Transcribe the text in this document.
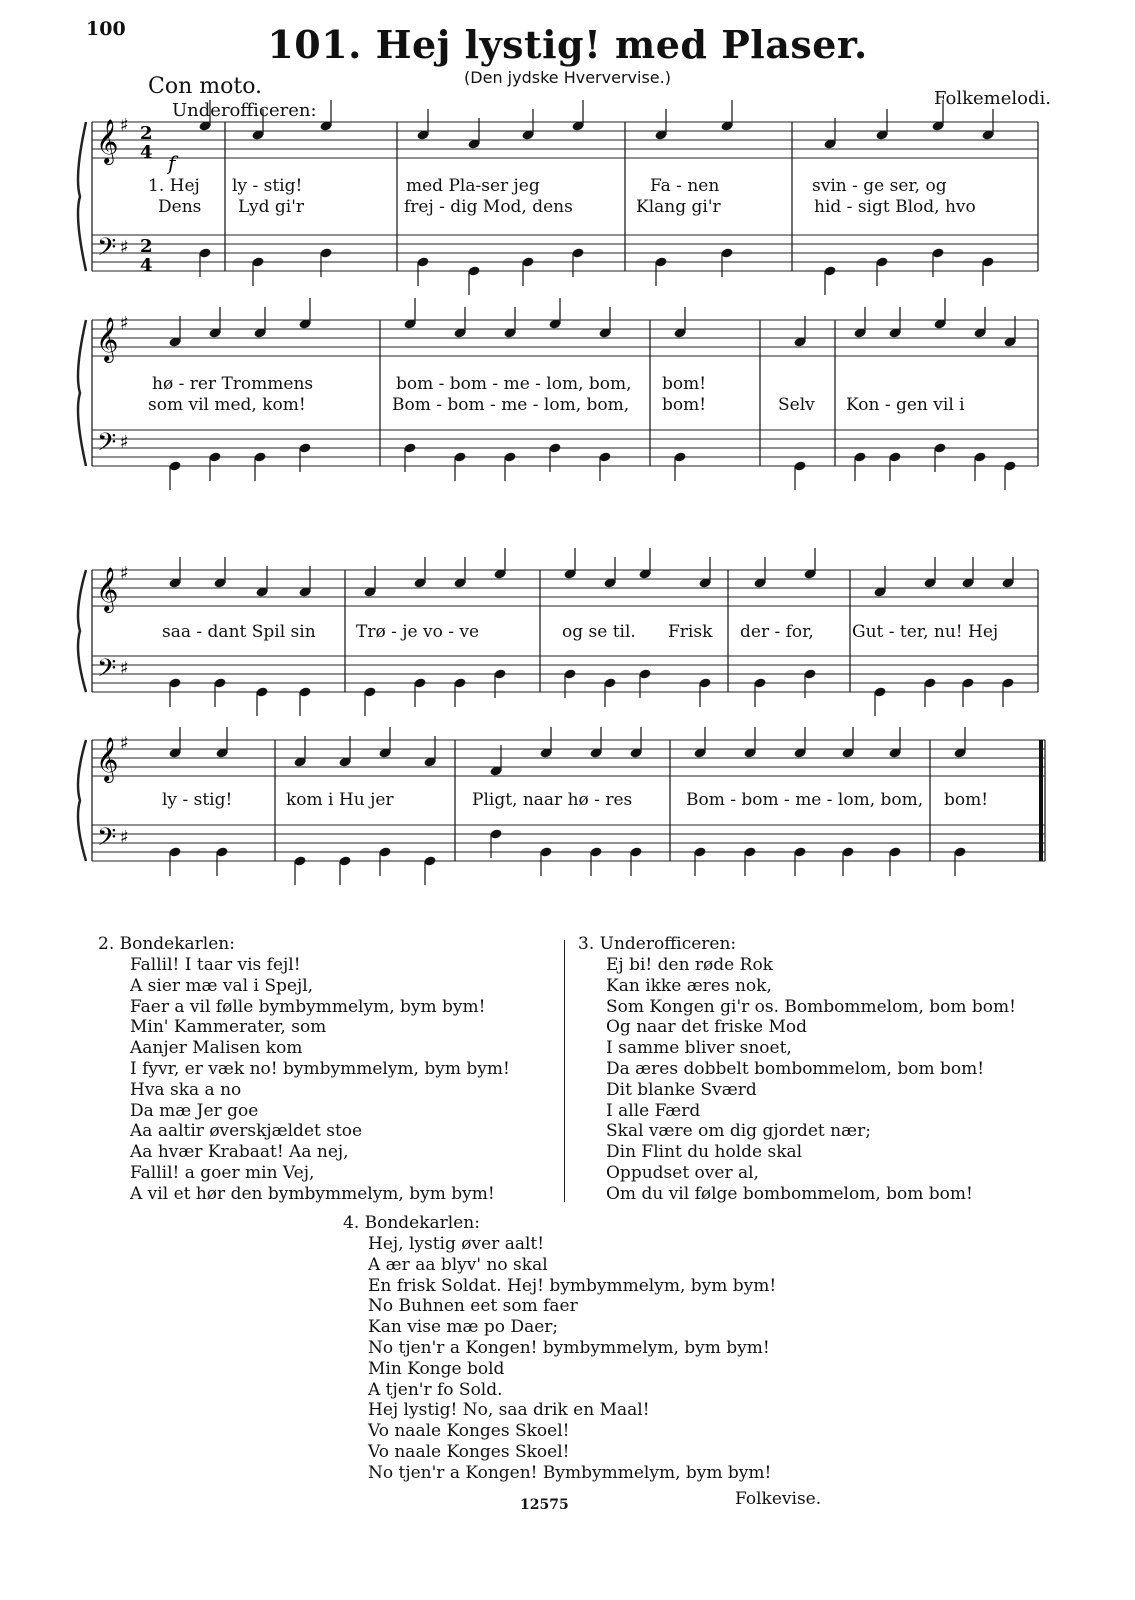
100	101. Hej lystig! med Plaser.
(Den jydske Hververvise.)
Con moto.
Underofficeren:
Folkemelodi.
𝄞
𝄢
♯
♯
𝄞
𝄢
♯
♯
𝄞
𝄢
♯
♯
𝄞
𝄢
♯
♯
2
4
2
4
f
1. Hej ly - stig!	med Pla-ser jeg	Fa - nen	svin - ge ser, og
Dens Lyd gi'r	frej - dig Mod, dens	Klang gi'r	hid - sigt Blod, hvo
hø - rer Trommens	bom - bom - me - lom, bom, bom!
som vil med, kom!	Bom - bom - me - lom, bom, bom!	Selv Kon - gen vil i
saa - dant Spil sin Trø - je vo - ve	og se til. Frisk der - for, Gut - ter, nu! Hej
ly - stig!	kom i Hu jer	Pligt, naar hø - res	Bom - bom - me - lom, bom, bom!
2. Bondekarlen:
Fallil! I taar vis fejl!
A sier mæ val i Spejl,
Faer a vil følle bymbymmelym, bym bym!
Min' Kammerater, som
Aanjer Malisen kom
I fyvr, er væk no! bymbymmelym, bym bym!
Hva ska a no
Da mæ Jer goe
Aa aaltir øverskjældet stoe
Aa hvær Krabaat! Aa nej,
Fallil! a goer min Vej,
A vil et hør den bymbymmelym, bym bym!
3. Underofficeren:
Ej bi! den røde Rok
Kan ikke æres nok,
Som Kongen gi'r os. Bombommelom, bom bom!
Og naar det friske Mod
I samme bliver snoet,
Da æres dobbelt bombommelom, bom bom!
Dit blanke Sværd
I alle Færd
Skal være om dig gjordet nær;
Din Flint du holde skal
Oppudset over al,
Om du vil følge bombommelom, bom bom!
4. Bondekarlen:
Hej, lystig øver aalt!
A ær aa blyv' no skal
En frisk Soldat. Hej! bymbymmelym, bym bym!
No Buhnen eet som faer
Kan vise mæ po Daer;
No tjen'r a Kongen! bymbymmelym, bym bym!
Min Konge bold
A tjen'r fo Sold.
Hej lystig! No, saa drik en Maal!
Vo naale Konges Skoel!
Vo naale Konges Skoel!
No tjen'r a Kongen! Bymbymmelym, bym bym!
12575	Folkevise.
